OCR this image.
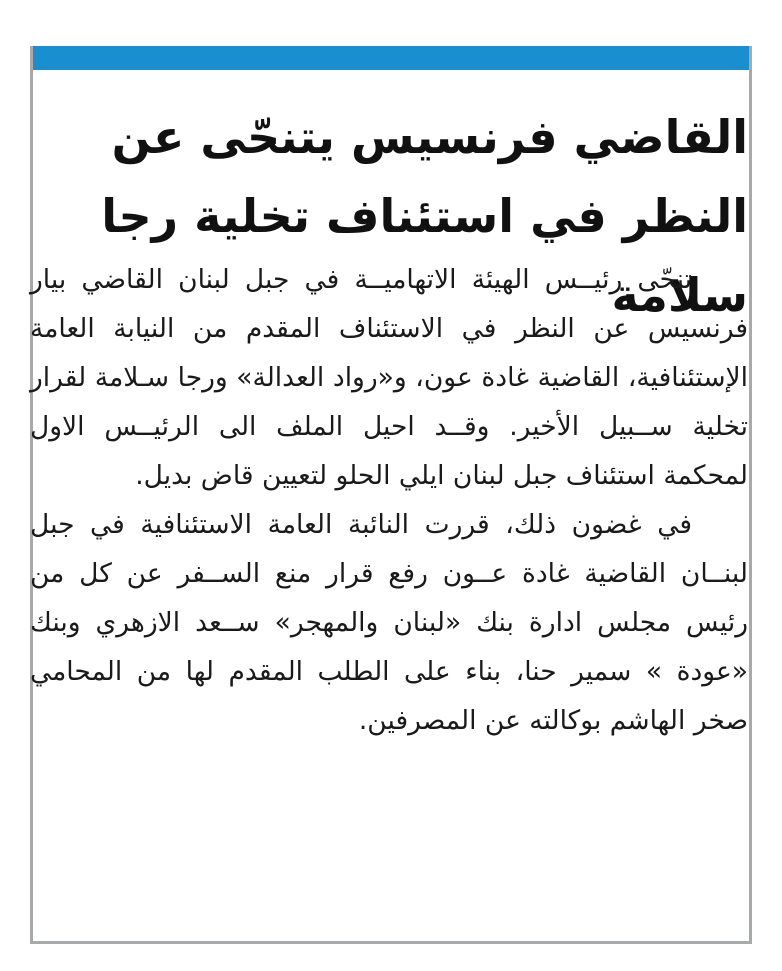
القاضي فرنسيس يتنحّى عن النظر في استئناف تخلية رجا سلامة

تنحّى رئيــس الهيئة الاتهاميــة في جبل لبنان القاضي بيار فرنسيس عن النظر في الاستئناف المقدم من النيابة العامة الإستئنافية، القاضية غادة عون، و«رواد العدالة» ورجا سـلامة لقرار تخلية ســبيل الأخير. وقــد احيل الملف الى الرئيــس الاول لمحكمة استئناف جبل لبنان ايلي الحلو لتعيين قاض بديل.

في غضون ذلك، قررت النائبة العامة الاستئنافية في جبل لبنــان القاضية غادة عــون رفع قرار منع الســفر عن كل من رئيس مجلس ادارة بنك «لبنان والمهجر» ســعد الازهري وبنك «عودة » سمير حنا، بناء على الطلب المقدم لها من المحامي صخر الهاشم بوكالته عن المصرفين.
